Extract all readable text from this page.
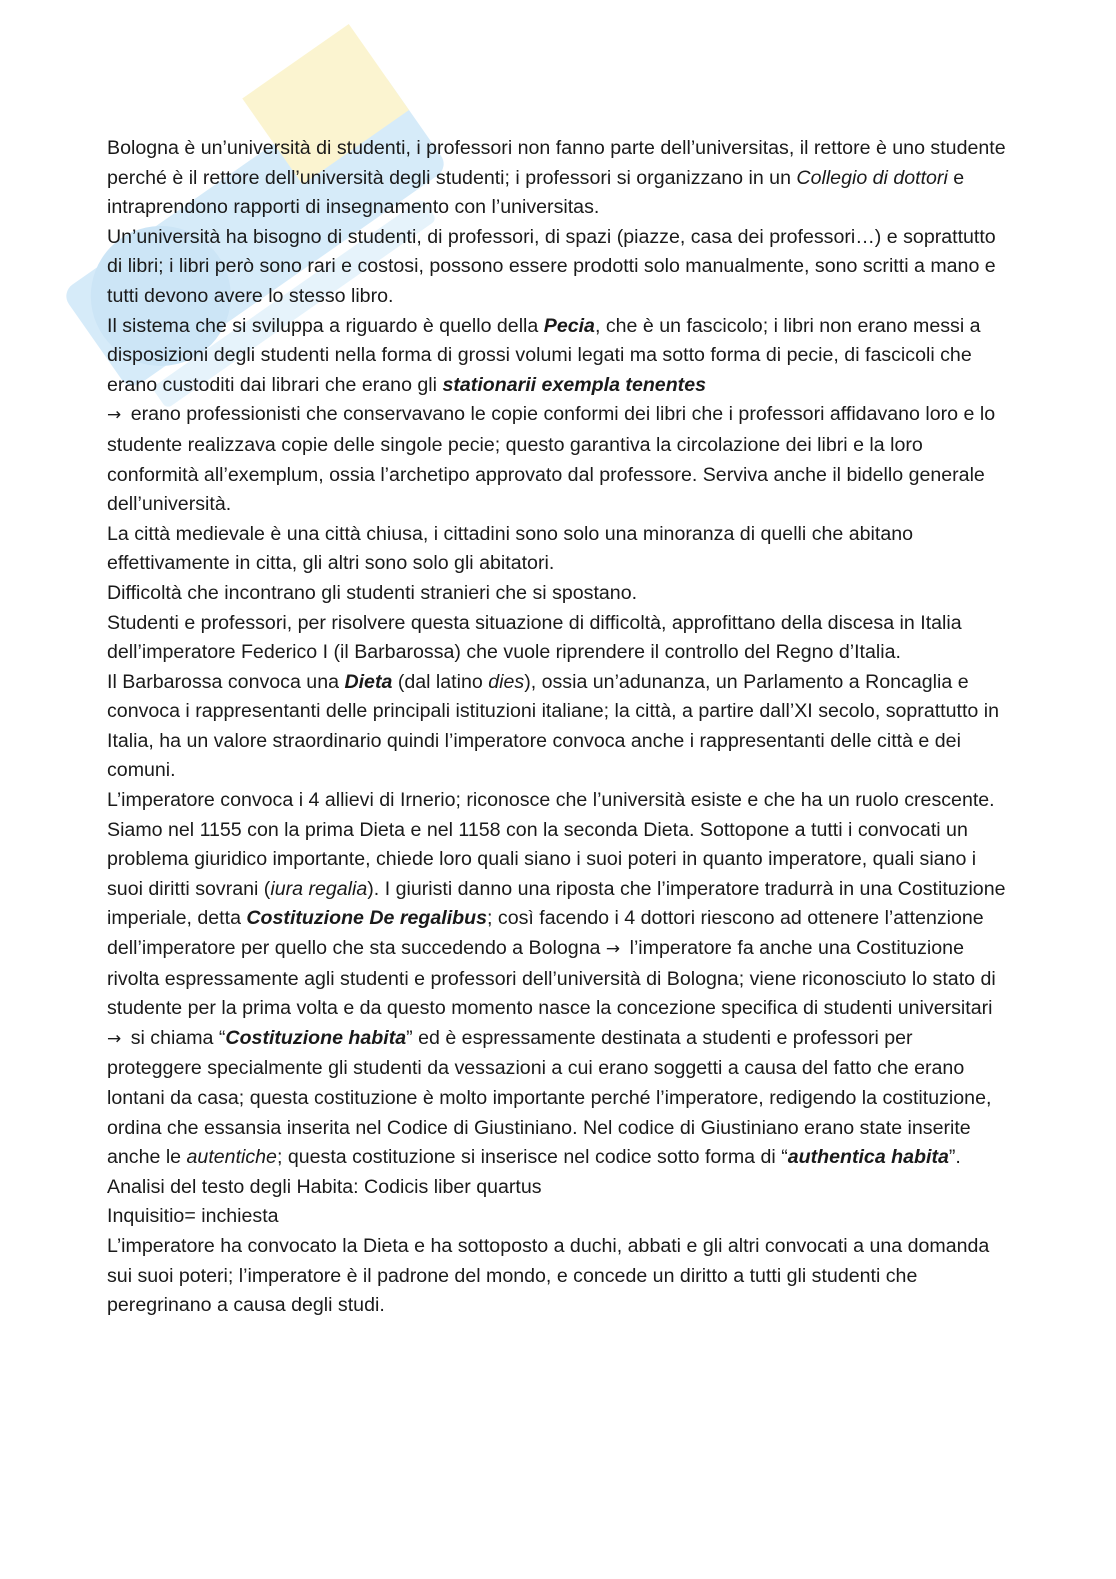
Bologna è un’università di studenti, i professori non fanno parte dell’universitas, il rettore è uno studente perché è il rettore dell’università degli studenti; i professori si organizzano in un Collegio di dottori e intraprendono rapporti di insegnamento con l’universitas.

Un’università ha bisogno di studenti, di professori, di spazi (piazze, casa dei professori…) e soprattutto di libri; i libri però sono rari e costosi, possono essere prodotti solo manualmente, sono scritti a mano e tutti devono avere lo stesso libro.

Il sistema che si sviluppa a riguardo è quello della Pecia, che è un fascicolo; i libri non erano messi a disposizioni degli studenti nella forma di grossi volumi legati ma sotto forma di pecie, di fascicoli che erano custoditi dai librari che erano gli stationarii exempla tenentes
→ erano professionisti che conservavano le copie conformi dei libri che i professori affidavano loro e lo studente realizzava copie delle singole pecie; questo garantiva la circolazione dei libri e la loro conformità all’exemplum, ossia l’archetipo approvato dal professore. Serviva anche il bidello generale dell’università.

La città medievale è una città chiusa, i cittadini sono solo una minoranza di quelli che abitano effettivamente in citta, gli altri sono solo gli abitatori.

Difficoltà che incontrano gli studenti stranieri che si spostano.

Studenti e professori, per risolvere questa situazione di difficoltà, approfittano della discesa in Italia dell’imperatore Federico I (il Barbarossa) che vuole riprendere il controllo del Regno d’Italia.

Il Barbarossa convoca una Dieta (dal latino dies), ossia un’adunanza, un Parlamento a Roncaglia e convoca i rappresentanti delle principali istituzioni italiane; la città, a partire dall’XI secolo, soprattutto in Italia, ha un valore straordinario quindi l’imperatore convoca anche i rappresentanti delle città e dei comuni.

L’imperatore convoca i 4 allievi di Irnerio; riconosce che l’università esiste e che ha un ruolo crescente. Siamo nel 1155 con la prima Dieta e nel 1158 con la seconda Dieta. Sottopone a tutti i convocati un problema giuridico importante, chiede loro quali siano i suoi poteri in quanto imperatore, quali siano i suoi diritti sovrani (iura regalia). I giuristi danno una riposta che l’imperatore tradurrà in una Costituzione imperiale, detta Costituzione De regalibus; così facendo i 4 dottori riescono ad ottenere l’attenzione dell’imperatore per quello che sta succedendo a Bologna → l’imperatore fa anche una Costituzione rivolta espressamente agli studenti e professori dell’università di Bologna; viene riconosciuto lo stato di studente per la prima volta e da questo momento nasce la concezione specifica di studenti universitari → si chiama “Costituzione habita” ed è espressamente destinata a studenti e professori per proteggere specialmente gli studenti da vessazioni a cui erano soggetti a causa del fatto che erano lontani da casa; questa costituzione è molto importante perché l’imperatore, redigendo la costituzione, ordina che essansia inserita nel Codice di Giustiniano. Nel codice di Giustiniano erano state inserite anche le autentiche; questa costituzione si inserisce nel codice sotto forma di “authentica habita”.

Analisi del testo degli Habita: Codicis liber quartus

Inquisitio= inchiesta

L’imperatore ha convocato la Dieta e ha sottoposto a duchi, abbati e gli altri convocati a una domanda sui suoi poteri; l’imperatore è il padrone del mondo, e concede un diritto a tutti gli studenti che peregrinano a causa degli studi.
